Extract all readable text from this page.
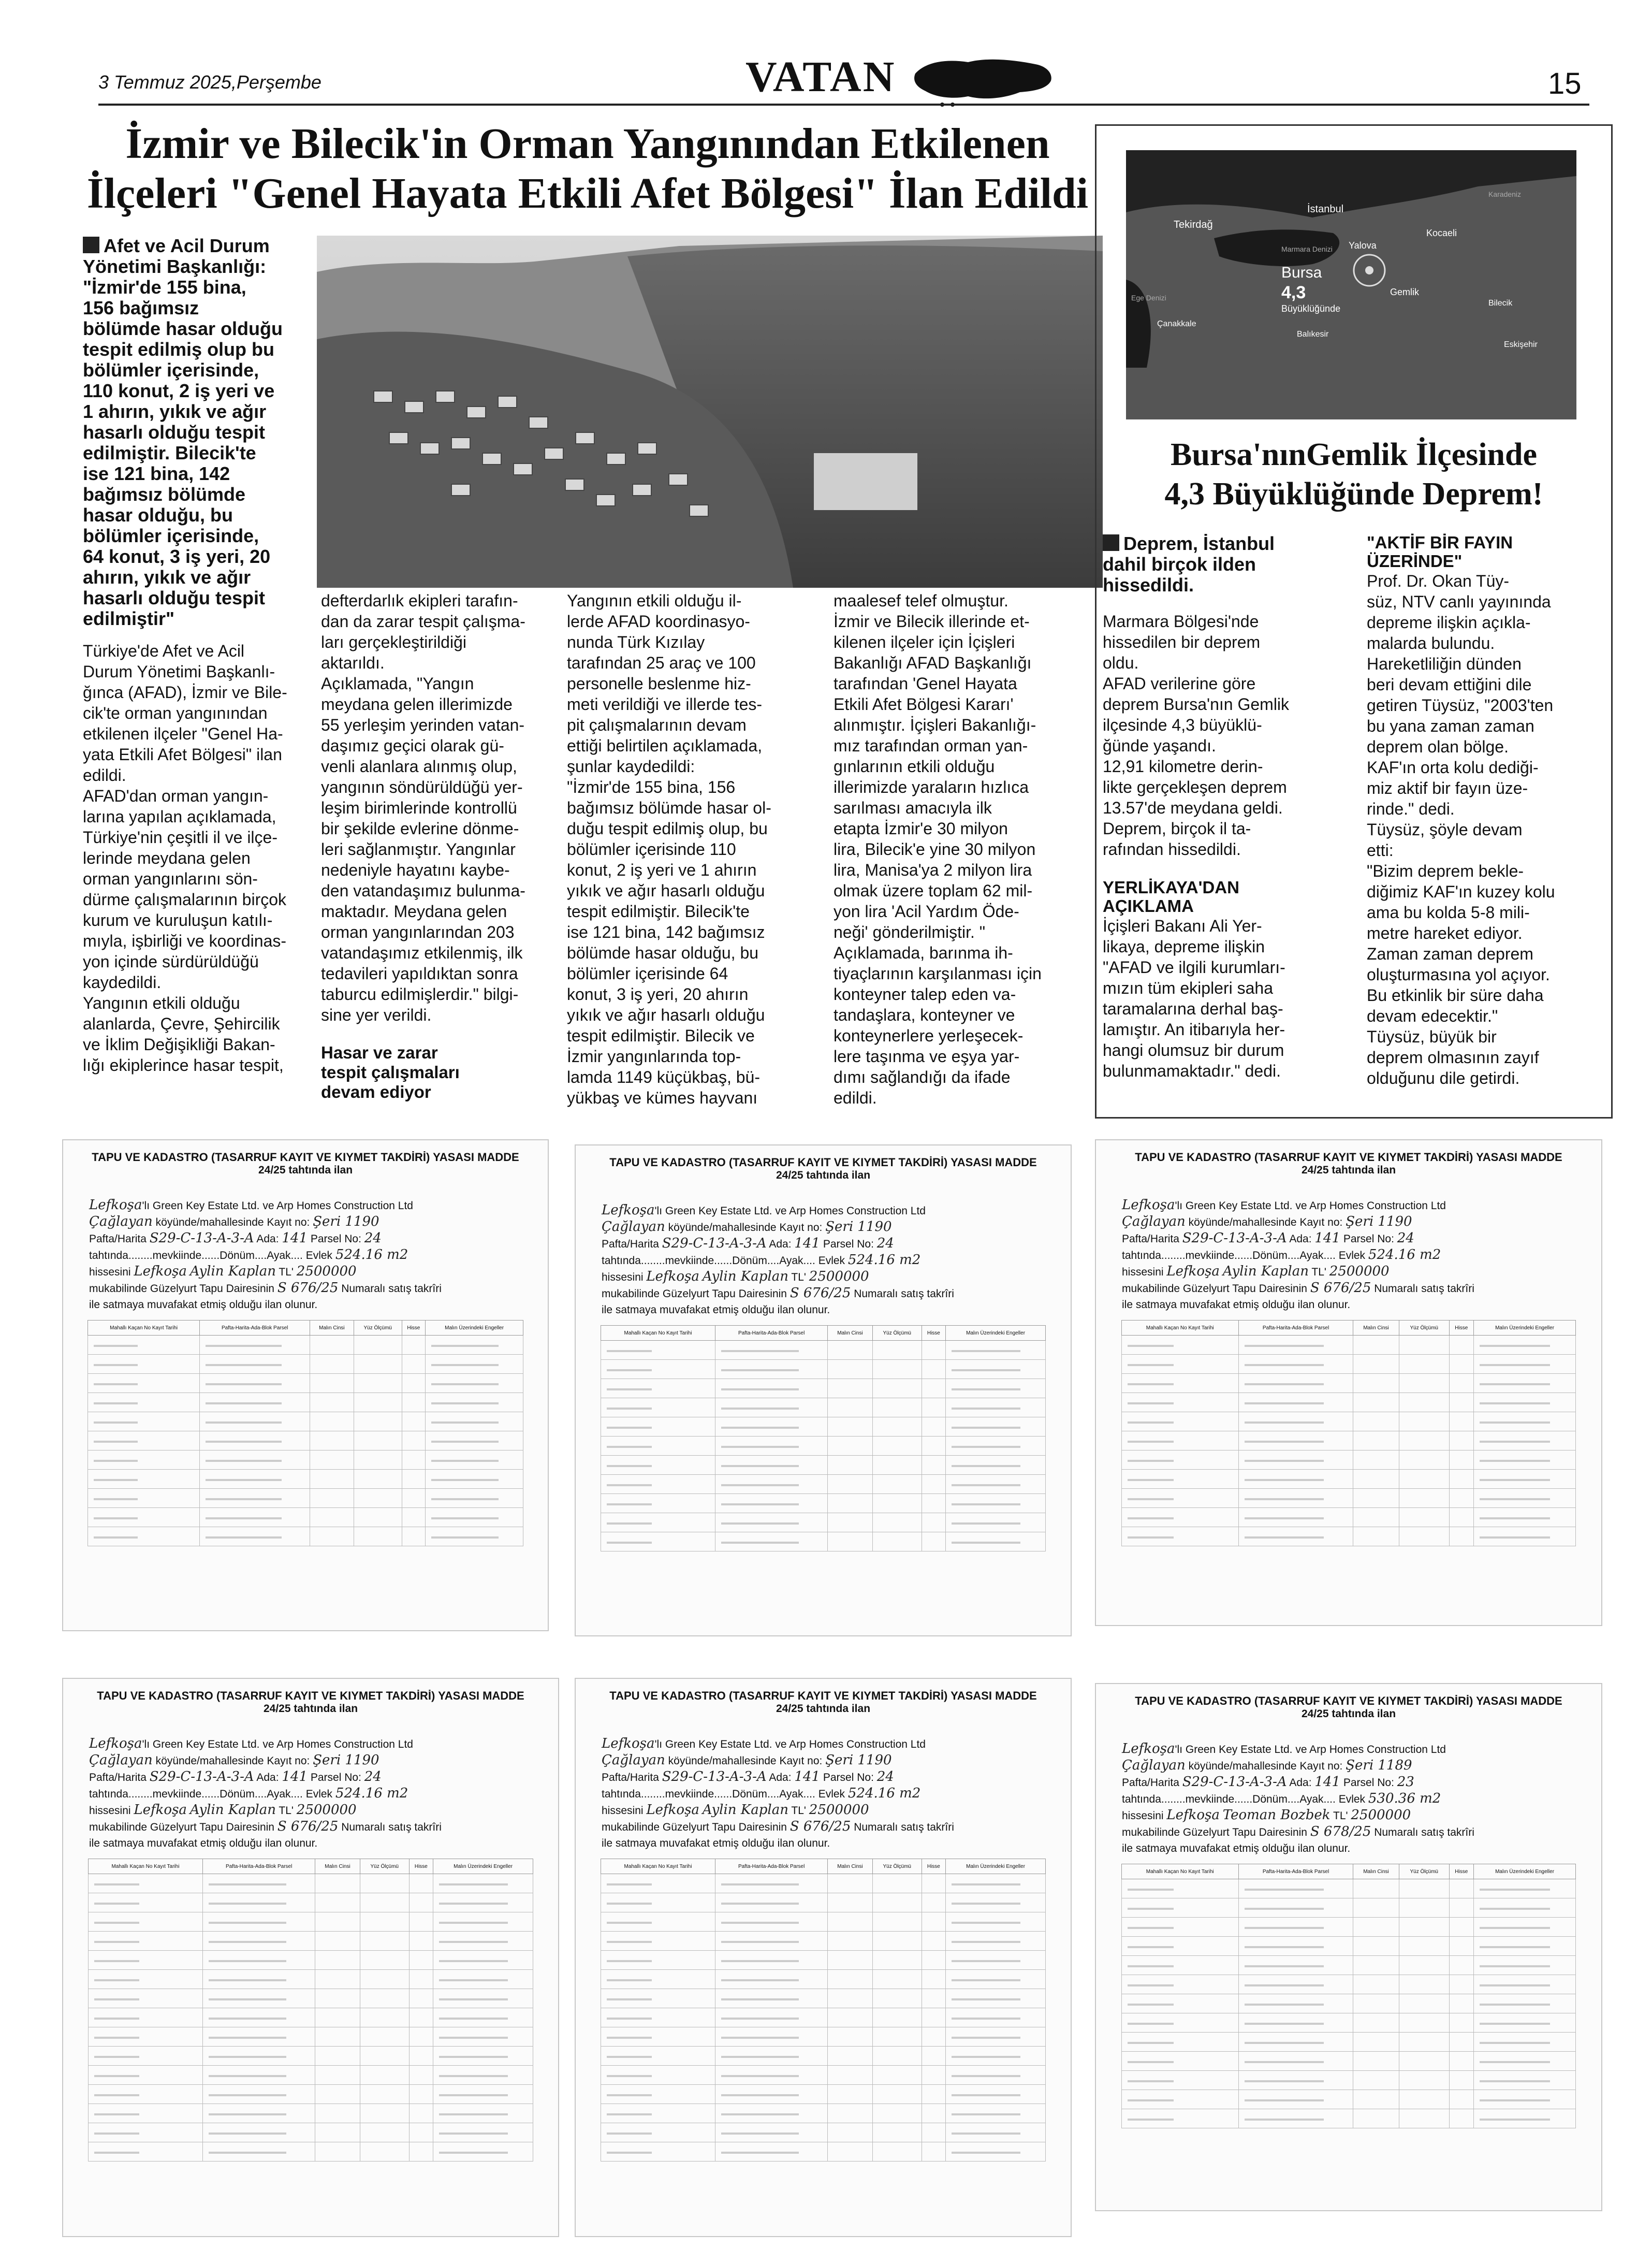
3 Temmuz 2025,Perşembe	VATAN	15
İzmir ve Bilecik'in Orman Yangınından Etkilenen
İlçeleri "Genel Hayata Etkili Afet Bölgesi" İlan Edildi
Afet ve Acil Durum
Yönetimi Başkanlığı:
"İzmir'de 155 bina,
156 bağımsız
bölümde hasar olduğu
tespit edilmiş olup bu
bölümler içerisinde,
110 konut, 2 iş yeri ve
1 ahırın, yıkık ve ağır
hasarlı olduğu tespit
edilmiştir. Bilecik'te
ise 121 bina, 142
bağımsız bölümde
hasar olduğu, bu
bölümler içerisinde,
64 konut, 3 iş yeri, 20
ahırın, yıkık ve ağır
hasarlı olduğu tespit
edilmiştir"
Türkiye'de Afet ve Acil
Durum Yönetimi Başkanlı-
ğınca (AFAD), İzmir ve Bile-
cik'te orman yangınından
etkilenen ilçeler "Genel Ha-
yata Etkili Afet Bölgesi" ilan
edildi.
AFAD'dan orman yangın-
larına yapılan açıklamada,
Türkiye'nin çeşitli il ve ilçe-
lerinde meydana gelen
orman yangınlarını sön-
dürme çalışmalarının birçok
kurum ve kuruluşun katılı-
mıyla, işbirliği ve koordinas-
yon içinde sürdürüldüğü
kaydedildi.
Yangının etkili olduğu
alanlarda, Çevre, Şehircilik
ve İklim Değişikliği Bakan-
lığı ekiplerince hasar tespit,
defterdarlık ekipleri tarafın-
dan da zarar tespit çalışma-
ları gerçekleştirildiği
aktarıldı.
Açıklamada, "Yangın
meydana gelen illerimizde
55 yerleşim yerinden vatan-
daşımız geçici olarak gü-
venli alanlara alınmış olup,
yangının söndürüldüğü yer-
leşim birimlerinde kontrollü
bir şekilde evlerine dönme-
leri sağlanmıştır. Yangınlar
nedeniyle hayatını kaybe-
den vatandaşımız bulunma-
maktadır. Meydana gelen
orman yangınlarından 203
vatandaşımız etkilenmiş, ilk
tedavileri yapıldıktan sonra
taburcu edilmişlerdir." bilgi-
sine yer verildi.
Hasar ve zarar
tespit çalışmaları
devam ediyor
Yangının etkili olduğu il-
lerde AFAD koordinasyo-
nunda Türk Kızılay
tarafından 25 araç ve 100
personelle beslenme hiz-
meti verildiği ve illerde tes-
pit çalışmalarının devam
ettiği belirtilen açıklamada,
şunlar kaydedildi:
"İzmir'de 155 bina, 156
bağımsız bölümde hasar ol-
duğu tespit edilmiş olup, bu
bölümler içerisinde 110
konut, 2 iş yeri ve 1 ahırın
yıkık ve ağır hasarlı olduğu
tespit edilmiştir. Bilecik'te
ise 121 bina, 142 bağımsız
bölümde hasar olduğu, bu
bölümler içerisinde 64
konut, 3 iş yeri, 20 ahırın
yıkık ve ağır hasarlı olduğu
tespit edilmiştir. Bilecik ve
İzmir yangınlarında top-
lamda 1149 küçükbaş, bü-
yükbaş ve kümes hayvanı
maalesef telef olmuştur.
İzmir ve Bilecik illerinde et-
kilenen ilçeler için İçişleri
Bakanlığı AFAD Başkanlığı
tarafından 'Genel Hayata
Etkili Afet Bölgesi Kararı'
alınmıştır. İçişleri Bakanlığı-
mız tarafından orman yan-
gınlarının etkili olduğu
illerimizde yaraların hızlıca
sarılması amacıyla ilk
etapta İzmir'e 30 milyon
lira, Bilecik'e yine 30 milyon
lira, Manisa'ya 2 milyon lira
olmak üzere toplam 62 mil-
yon lira 'Acil Yardım Öde-
neği' gönderilmiştir. "
Açıklamada, barınma ih-
tiyaçlarının karşılanması için
konteyner talep eden va-
tandaşlara, konteyner ve
konteynerlere yerleşecek-
lere taşınma ve eşya yar-
dımı sağlandığı da ifade
edildi.
Tekirdağ
İstanbul
Yalova
Kocaeli
Marmara Denizi
Karadeniz
Ege Denizi
Bursa
4,3
Büyüklüğünde
Gemlik
Çanakkale
Balıkesir
Bilecik
Eskişehir
Bursa'nınGemlik İlçesinde
4,3 Büyüklüğünde Deprem!
Deprem, İstanbul
dahil birçok ilden
hissedildi.
Marmara Bölgesi'nde
hissedilen bir deprem
oldu.
AFAD verilerine göre
deprem Bursa'nın Gemlik
ilçesinde 4,3 büyüklü-
ğünde yaşandı.
12,91 kilometre derin-
likte gerçekleşen deprem
13.57'de meydana geldi.
Deprem, birçok il ta-
rafından hissedildi.
YERLİKAYA'DAN
AÇIKLAMA
İçişleri Bakanı Ali Yer-
likaya, depreme ilişkin
"AFAD ve ilgili kurumları-
mızın tüm ekipleri saha
taramalarına derhal baş-
lamıştır. An itibarıyla her-
hangi olumsuz bir durum
bulunmamaktadır." dedi.
"AKTİF BİR FAYIN
ÜZERİNDE"
Prof. Dr. Okan Tüy-
süz, NTV canlı yayınında
depreme ilişkin açıkla-
malarda bulundu.
Hareketliliğin dünden
beri devam ettiğini dile
getiren Tüysüz, "2003'ten
bu yana zaman zaman
deprem olan bölge.
KAF'ın orta kolu dediği-
miz aktif bir fayın üze-
rinde." dedi.
Tüysüz, şöyle devam
etti:
"Bizim deprem bekle-
diğimiz KAF'ın kuzey kolu
ama bu kolda 5-8 mili-
metre hareket ediyor.
Zaman zaman deprem
oluşturmasına yol açıyor.
Bu etkinlik bir süre daha
devam edecektir."
Tüysüz, büyük bir
deprem olmasının zayıf
olduğunu dile getirdi.
TAPU VE KADASTRO (TASARRUF KAYIT VE KIYMET TAKDİRİ) YASASI MADDE
24/25 tahtında ilan
Lefkoşa'lı Green Key Estate Ltd. ve Arp Homes Construction Ltd
Çağlayan köyünde/mahallesinde Kayıt no: Şeri 1190
Pafta/Harita S29-C-13-A-3-A Ada: 141 Parsel No: 24
tahtında........mevkiinde......Dönüm....Ayak.... Evlek 524.16 m2
hissesini Lefkoşa Aylin Kaplan TL' 2500000
mukabilinde Güzelyurt Tapu Dairesinin S 676/25 Numaralı satış takrîri
ile satmaya muvafakat etmiş olduğu ilan olunur.
Mahallı Kaçan No Kayıt Tarihi	Pafta-Harita-Ada-Blok Parsel	Malın Cinsi	Yüz Ölçümü	Hisse	Malın Üzerindeki Engeller

TAPU VE KADASTRO (TASARRUF KAYIT VE KIYMET TAKDİRİ) YASASI MADDE
24/25 tahtında ilan
Lefkoşa'lı Green Key Estate Ltd. ve Arp Homes Construction Ltd
Çağlayan köyünde/mahallesinde Kayıt no: Şeri 1190
Pafta/Harita S29-C-13-A-3-A Ada: 141 Parsel No: 24
tahtında........mevkiinde......Dönüm....Ayak.... Evlek 524.16 m2
hissesini Lefkoşa Aylin Kaplan TL' 2500000
mukabilinde Güzelyurt Tapu Dairesinin S 676/25 Numaralı satış takrîri
ile satmaya muvafakat etmiş olduğu ilan olunur.
Mahallı Kaçan No Kayıt Tarihi	Pafta-Harita-Ada-Blok Parsel	Malın Cinsi	Yüz Ölçümü	Hisse	Malın Üzerindeki Engeller

TAPU VE KADASTRO (TASARRUF KAYIT VE KIYMET TAKDİRİ) YASASI MADDE
24/25 tahtında ilan
Lefkoşa'lı Green Key Estate Ltd. ve Arp Homes Construction Ltd
Çağlayan köyünde/mahallesinde Kayıt no: Şeri 1190
Pafta/Harita S29-C-13-A-3-A Ada: 141 Parsel No: 24
tahtında........mevkiinde......Dönüm....Ayak.... Evlek 524.16 m2
hissesini Lefkoşa Aylin Kaplan TL' 2500000
mukabilinde Güzelyurt Tapu Dairesinin S 676/25 Numaralı satış takrîri
ile satmaya muvafakat etmiş olduğu ilan olunur.
Mahallı Kaçan No Kayıt Tarihi	Pafta-Harita-Ada-Blok Parsel	Malın Cinsi	Yüz Ölçümü	Hisse	Malın Üzerindeki Engeller

TAPU VE KADASTRO (TASARRUF KAYIT VE KIYMET TAKDİRİ) YASASI MADDE
24/25 tahtında ilan
Lefkoşa'lı Green Key Estate Ltd. ve Arp Homes Construction Ltd
Çağlayan köyünde/mahallesinde Kayıt no: Şeri 1190
Pafta/Harita S29-C-13-A-3-A Ada: 141 Parsel No: 24
tahtında........mevkiinde......Dönüm....Ayak.... Evlek 524.16 m2
hissesini Lefkoşa Aylin Kaplan TL' 2500000
mukabilinde Güzelyurt Tapu Dairesinin S 676/25 Numaralı satış takrîri
ile satmaya muvafakat etmiş olduğu ilan olunur.
Mahallı Kaçan No Kayıt Tarihi	Pafta-Harita-Ada-Blok Parsel	Malın Cinsi	Yüz Ölçümü	Hisse	Malın Üzerindeki Engeller

TAPU VE KADASTRO (TASARRUF KAYIT VE KIYMET TAKDİRİ) YASASI MADDE
24/25 tahtında ilan
Lefkoşa'lı Green Key Estate Ltd. ve Arp Homes Construction Ltd
Çağlayan köyünde/mahallesinde Kayıt no: Şeri 1190
Pafta/Harita S29-C-13-A-3-A Ada: 141 Parsel No: 24
tahtında........mevkiinde......Dönüm....Ayak.... Evlek 524.16 m2
hissesini Lefkoşa Aylin Kaplan TL' 2500000
mukabilinde Güzelyurt Tapu Dairesinin S 676/25 Numaralı satış takrîri
ile satmaya muvafakat etmiş olduğu ilan olunur.
Mahallı Kaçan No Kayıt Tarihi	Pafta-Harita-Ada-Blok Parsel	Malın Cinsi	Yüz Ölçümü	Hisse	Malın Üzerindeki Engeller

TAPU VE KADASTRO (TASARRUF KAYIT VE KIYMET TAKDİRİ) YASASI MADDE
24/25 tahtında ilan
Lefkoşa'lı Green Key Estate Ltd. ve Arp Homes Construction Ltd
Çağlayan köyünde/mahallesinde Kayıt no: Şeri 1189
Pafta/Harita S29-C-13-A-3-A Ada: 141 Parsel No: 23
tahtında........mevkiinde......Dönüm....Ayak.... Evlek 530.36 m2
hissesini Lefkoşa Teoman Bozbek TL' 2500000
mukabilinde Güzelyurt Tapu Dairesinin S 678/25 Numaralı satış takrîri
ile satmaya muvafakat etmiş olduğu ilan olunur.
Mahallı Kaçan No Kayıt Tarihi	Pafta-Harita-Ada-Blok Parsel	Malın Cinsi	Yüz Ölçümü	Hisse	Malın Üzerindeki Engeller
